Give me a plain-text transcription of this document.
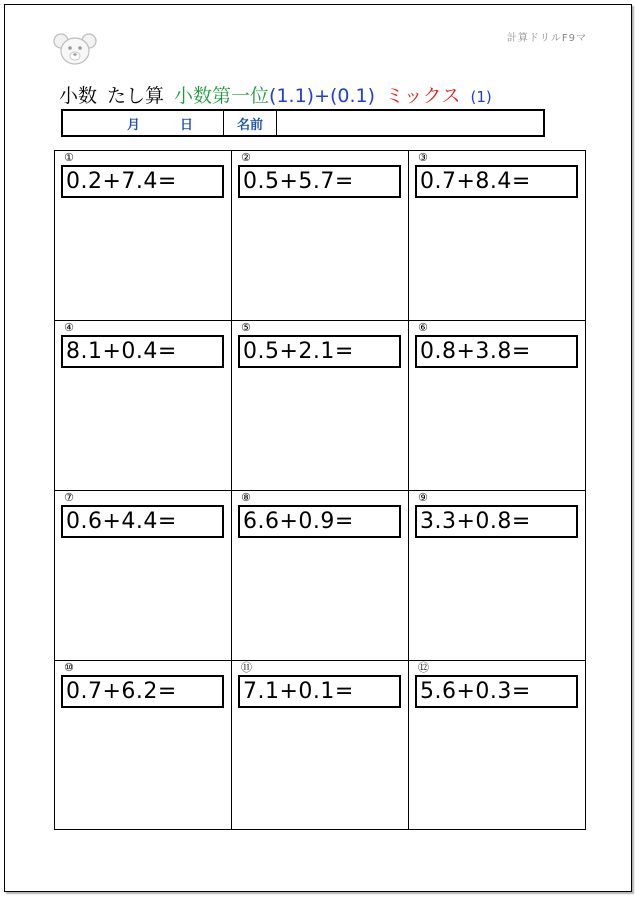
計算ドリルF9マ
小数 たし算 小数第一位(1.1)+(0.1) ミックス (1)
月	日	名前
①
0.2+7.4=
②
0.5+5.7=
③
0.7+8.4=
④
8.1+0.4=
⑤
0.5+2.1=
⑥
0.8+3.8=
⑦
0.6+4.4=
⑧
6.6+0.9=
⑨
3.3+0.8=
⑩
0.7+6.2=
⑪
7.1+0.1=
⑫
5.6+0.3=
